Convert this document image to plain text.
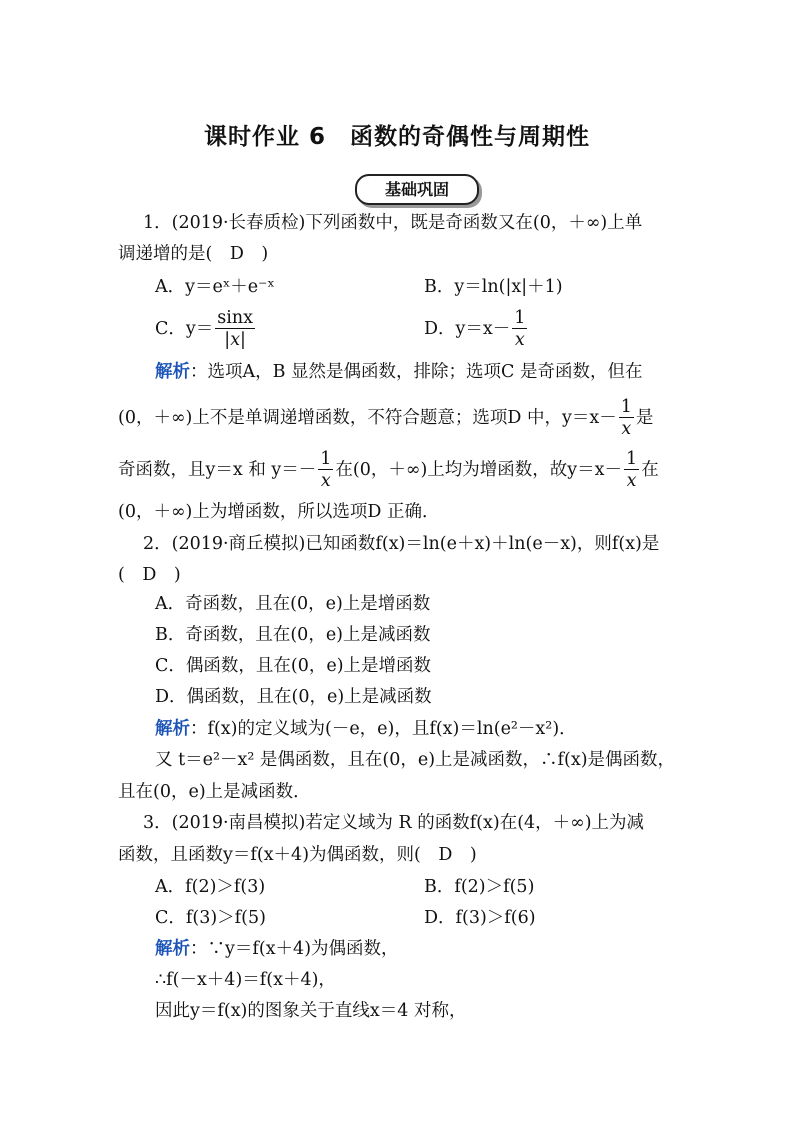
课时作业 6　函数的奇偶性与周期性
基础巩固
1．(2019·长春质检)下列函数中，既是奇函数又在(0，＋∞)上单
调递增的是(　D　)
A．y＝eˣ＋e⁻ˣ	B．y＝ln(|x|＋1)
C．$y= \frac{\sin x}{|x|}$	D．$y=x- \frac{1}{x}$
解析：选项A，B 显然是偶函数，排除；选项C 是奇函数，但在
(0，＋∞)上不是单调递增函数，不符合题意；选项D 中，$y=x- \frac{1}{x}$ 是
奇函数，且y＝x 和 $y=- \frac{1}{x}$ 在(0，＋∞)上均为增函数，故$y=x- \frac{1}{x}$ 在
(0，＋∞)上为增函数，所以选项D 正确．
2．(2019·商丘模拟)已知函数f(x)＝ln(e＋x)＋ln(e－x)，则f(x)是
(　D　)
A．奇函数，且在(0，e)上是增函数
B．奇函数，且在(0，e)上是减函数
C．偶函数，且在(0，e)上是增函数
D．偶函数，且在(0，e)上是减函数
解析：f(x)的定义域为(－e，e)，且f(x)＝ln(e²－x²)．
又 t＝e²－x² 是偶函数，且在(0，e)上是减函数，∴f(x)是偶函数，
且在(0，e)上是减函数．
3．(2019·南昌模拟)若定义域为 R 的函数f(x)在(4，＋∞)上为减
函数，且函数y＝f(x＋4)为偶函数，则(　D　)
A．f(2)＞f(3)	B．f(2)＞f(5)
C．f(3)＞f(5)	D．f(3)＞f(6)
解析：∵y＝f(x＋4)为偶函数，
∴f(－x＋4)＝f(x＋4)，
因此y＝f(x)的图象关于直线x＝4 对称，
